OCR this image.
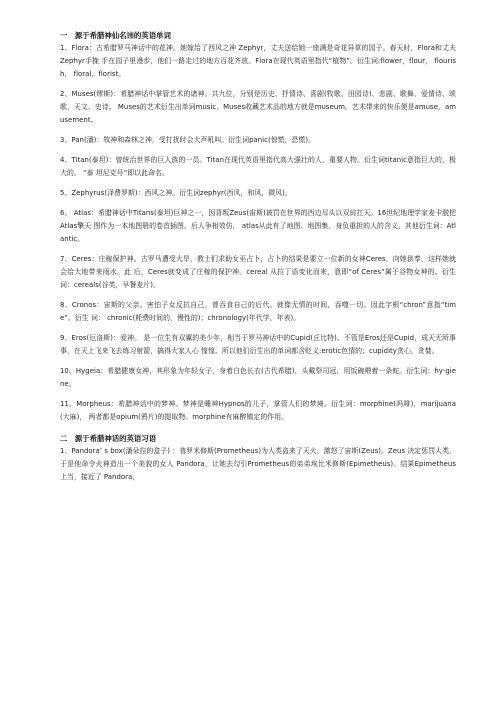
一　源于希腊神仙名讳的英语单词

1、Flora：古希腊罗马神话中的花神。她嫁给了西风之神 Zephyr，丈夫送给她一座满是奇花异草的园子。春天时，Flora和丈夫Zephyr手挽 手在园子里漫步，他们一路走过的地方百花齐放。Flora在现代英语里指代“植物”。衍生词:flower，flour， flourish， floral，florist。

2、Muses(缪斯)：希腊神话中掌管艺术的诸神。共九位，分别是历史、抒情诗、喜剧(牧歌、田园诗)、悲剧、歌舞、爱情诗、颂歌、天文、史诗。 Muses的艺术衍生出单词music，Muses收藏艺术品的地方就是museum。艺术带来的快乐便是amuse，amusement。

3、Pan(潘)：牧神和森林之神，受打扰时会大声吼叫。衍生词panic(惊慌，恐慌)。

4、Titan(泰坦)：曾统治世界的巨人族的一员。Titan在现代英语里指代高大强壮的人，重要人物。衍生词titanic意指巨大的，极大的。 “泰 坦尼克号”即以此命名。

5、Zephyrus(泽费罗斯)：西风之神。衍生词zephyr(西风，和风，微风)。

6、 Atlas：希腊神话中Titans(泰坦)巨神之一，因背叛Zeus(宙斯)被罚在世界的西边尽头以双肩扛天。16世纪地理学家麦卡脱把Atlas擎天 图作为一本地图册的卷首插图。后人争相效仿， atlas从此有了地图、地图集、身负重担的人的含义。其他衍生词：Atlantic。

7、Ceres：庄稼保护神。古罗马遭受大旱，教士们求助女巫占卜，占卜的结果是要立一位新的女神Ceres，向她供奉，这样她就会给大地带来雨水。此 后，Ceres就变成了庄稼的保护神。cereal 从拉丁语变化而来，意即“of Ceres”属于谷物女神的。衍生词：cereals(谷类，早餐麦片)。

8、Cronos：宙斯的父亲。害怕子女反抗自己，曾吞食自己的后代。就像无情的时间，吞噬一切。因此字根“chron”意指“time”。衍生 词： chronic(耗费时间的，慢性的)；chronology(年代学，年表)。

9、Eros(厄洛斯)：爱神。 是一位生有双翼的美少年，相当于罗马神话中的Cupid(丘比特)。不管是Eros还是Cupid，成天无所事事，在天上飞来飞去练习射箭，搞得大家人心 惶惶。所以他们衍生出的单词都含贬义:erotic色情的；cupidity贪心，贪婪。

10、Hygeia：希腊健康女神，其形象为年轻女子，身着白色长衣(古代希腊)，头戴祭司冠，用饭碗喂着一条蛇。衍生词：hy-giene。

11、Morpheus：希腊神话中的梦神。梦神是睡神Hypnos的儿子，掌管人们的梦境。衍生词：morphine(吗啡)，marijuana(大麻)， 两者都是opium(鸦片)的提取物。morphine有麻醉镇定的作用。

二　源于希腊神话的英语习语

1、Pandora’ s box(潘朵拉的盒子) ：普罗米修斯(Prometheus)为人类盗来了天火，激怒了宙斯(Zeus)。Zeus 决定惩罚人类，于是他命令火神造出一个美貌的女人 Pandora，让她去勾引Prometheus的弟弟埃比米修斯(Epimetheus)。结果Epimetheus上当，接近了 Pandora，
